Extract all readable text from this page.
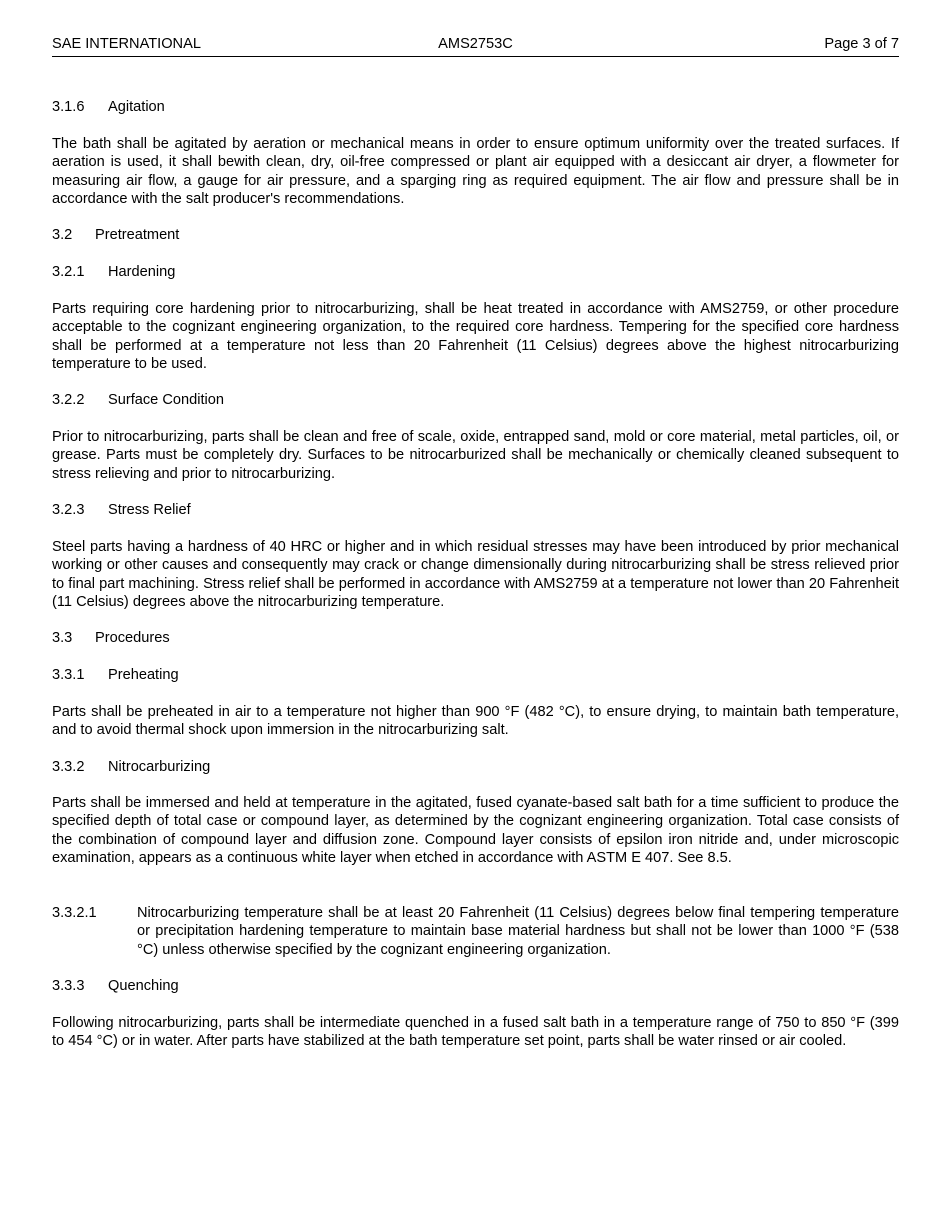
SAE INTERNATIONAL	AMS2753C	Page 3 of 7
3.1.6 Agitation

The bath shall be agitated by aeration or mechanical means in order to ensure optimum uniformity over the treated surfaces. If aeration is used, it shall bewith clean, dry, oil-free compressed or plant air equipped with a desiccant air dryer, a flowmeter for measuring air flow, a gauge for air pressure, and a sparging ring as required equipment. The air flow and pressure shall be in accordance with the salt producer's recommendations.

3.2 Pretreatment
3.2.1 Hardening

Parts requiring core hardening prior to nitrocarburizing, shall be heat treated in accordance with AMS2759, or other procedure acceptable to the cognizant engineering organization, to the required core hardness. Tempering for the specified core hardness shall be performed at a temperature not less than 20 Fahrenheit (11 Celsius) degrees above the highest nitrocarburizing temperature to be used.

3.2.2 Surface Condition

Prior to nitrocarburizing, parts shall be clean and free of scale, oxide, entrapped sand, mold or core material, metal particles, oil, or grease. Parts must be completely dry. Surfaces to be nitrocarburized shall be mechanically or chemically cleaned subsequent to stress relieving and prior to nitrocarburizing.

3.2.3 Stress Relief

Steel parts having a hardness of 40 HRC or higher and in which residual stresses may have been introduced by prior mechanical working or other causes and consequently may crack or change dimensionally during nitrocarburizing shall be stress relieved prior to final part machining. Stress relief shall be performed in accordance with AMS2759 at a temperature not lower than 20 Fahrenheit (11 Celsius) degrees above the nitrocarburizing temperature.

3.3 Procedures
3.3.1 Preheating

Parts shall be preheated in air to a temperature not higher than 900 °F (482 °C), to ensure drying, to maintain bath temperature, and to avoid thermal shock upon immersion in the nitrocarburizing salt.

3.3.2 Nitrocarburizing

Parts shall be immersed and held at temperature in the agitated, fused cyanate-based salt bath for a time sufficient to produce the specified depth of total case or compound layer, as determined by the cognizant engineering organization. Total case consists of the combination of compound layer and diffusion zone. Compound layer consists of epsilon iron nitride and, under microscopic examination, appears as a continuous white layer when etched in accordance with ASTM E 407. See 8.5.

3.3.2.1	Nitrocarburizing temperature shall be at least 20 Fahrenheit (11 Celsius) degrees below final tempering temperature or precipitation hardening temperature to maintain base material hardness but shall not be lower than 1000 °F (538 °C) unless otherwise specified by the cognizant engineering organization.
3.3.3 Quenching

Following nitrocarburizing, parts shall be intermediate quenched in a fused salt bath in a temperature range of 750 to 850 °F (399 to 454 °C) or in water. After parts have stabilized at the bath temperature set point, parts shall be water rinsed or air cooled.
